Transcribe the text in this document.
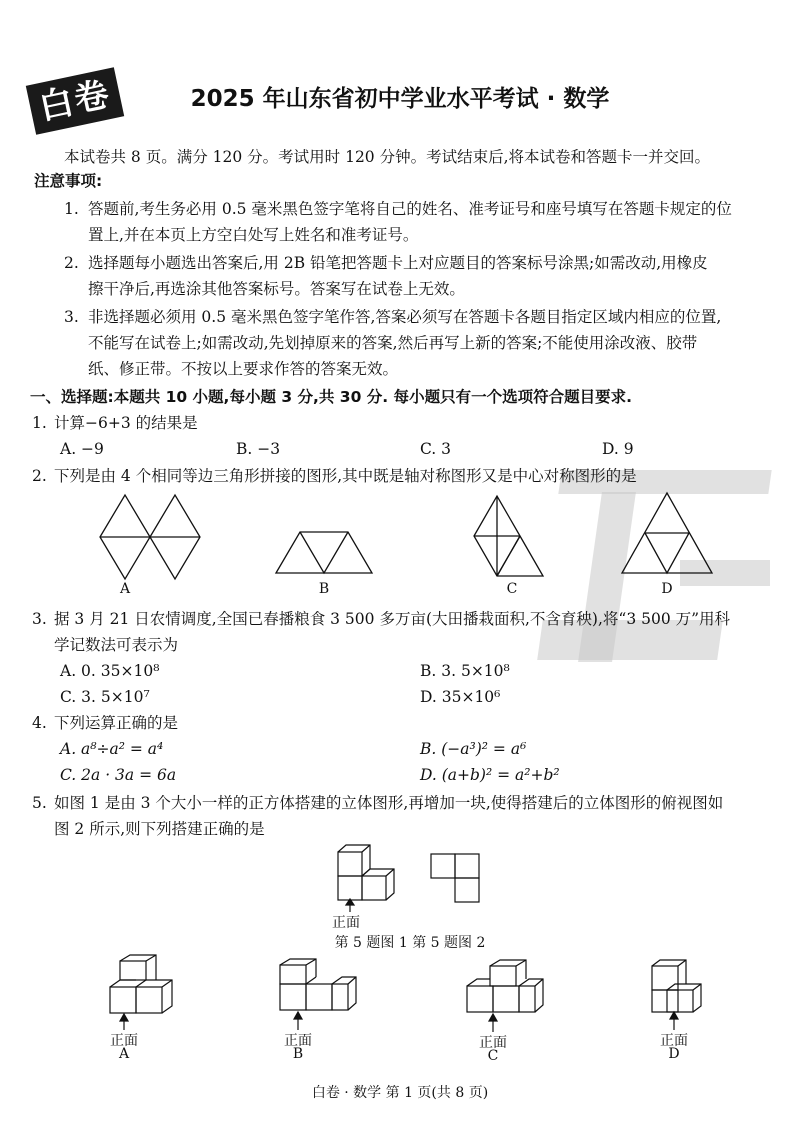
白卷	2025 年山东省初中学业水平考试 · 数学
本试卷共 8 页。满分 120 分。考试用时 120 分钟。考试结束后,将本试卷和答题卡一并交回。
注意事项:
1. 答题前,考生务必用 0.5 毫米黑色签字笔将自己的姓名、准考证号和座号填写在答题卡规定的位
置上,并在本页上方空白处写上姓名和准考证号。
2. 选择题每小题选出答案后,用 2B 铅笔把答题卡上对应题目的答案标号涂黑;如需改动,用橡皮
擦干净后,再选涂其他答案标号。答案写在试卷上无效。
3. 非选择题必须用 0.5 毫米黑色签字笔作答,答案必须写在答题卡各题目指定区域内相应的位置,
不能写在试卷上;如需改动,先划掉原来的答案,然后再写上新的答案;不能使用涂改液、胶带
纸、修正带。不按以上要求作答的答案无效。
一、选择题:本题共 10 小题,每小题 3 分,共 30 分. 每小题只有一个选项符合题目要求.
1. 计算−6+3 的结果是
A. −9	B. −3	C. 3	D. 9
2. 下列是由 4 个相同等边三角形拼接的图形,其中既是轴对称图形又是中心对称图形的是
A	B	C	D
3. 据 3 月 21 日农情调度,全国已春播粮食 3 500 多万亩(大田播栽面积,不含育秧),将“3 500 万”用科
学记数法可表示为
A. 0. 35×10⁸	B. 3. 5×10⁸
C. 3. 5×10⁷	D. 35×10⁶
4. 下列运算正确的是
A. a⁸÷a² = a⁴	B. (−a³)² = a⁶
C. 2a · 3a = 6a	D. (a+b)² = a²+b²
5. 如图 1 是由 3 个大小一样的正方体搭建的立体图形,再增加一块,使得搭建后的立体图形的俯视图如
图 2 所示,则下列搭建正确的是
正面
第 5 题图 1 第 5 题图 2
正面
A
正面
B
正面
C
正面
D
白卷 · 数学 第 1 页(共 8 页)
